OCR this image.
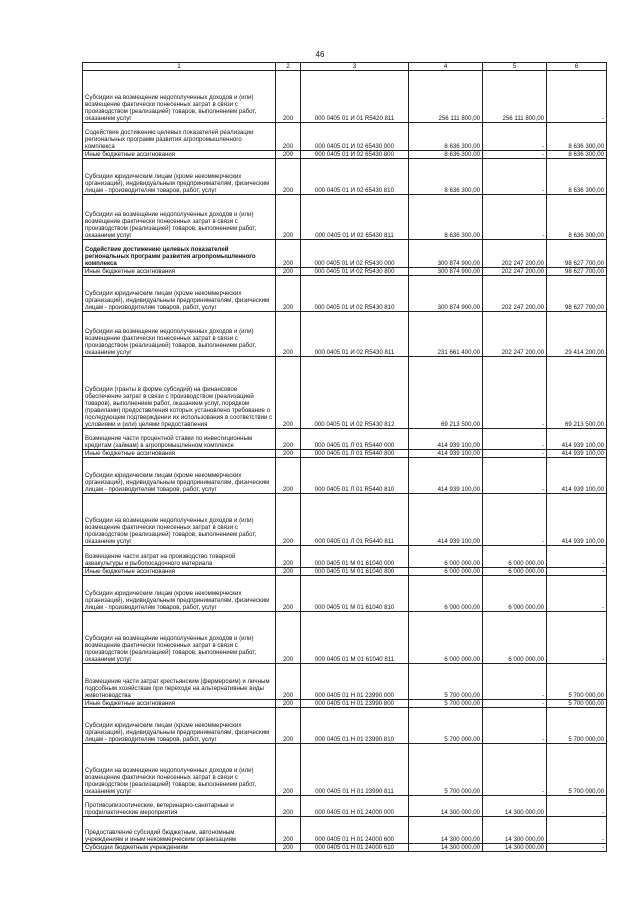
46
1	2	3	4	5	6
Субсидии на возмещение недополученных доходов и (или) возмещение фактически понесенных затрат в связи с производством (реализацией) товаров, выполнением работ, оказанием услуг	200	000 0405 01 И 01 R5420 811	256 111 800,00	256 111 800,00	-
Содействие достижению целевых показателей реализации региональных программ развития агропромышленного комплекса	200	000 0405 01 И 02 65430 000	8 636 300,00	-	8 636 300,00
Иные бюджетные ассигнования	200	000 0405 01 И 02 65430 800	8 636 300,00	-	8 636 300,00
Субсидии юридическим лицам (кроме некоммерческих организаций), индивидуальным предпринимателям, физическим лицам - производителям товаров, работ, услуг	200	000 0405 01 И 02 65430 810	8 636 300,00	-	8 636 300,00
Субсидии на возмещение недополученных доходов и (или) возмещение фактически понесенных затрат в связи с производством (реализацией) товаров, выполнением работ, оказанием услуг	200	000 0405 01 И 02 65430 811	8 636 300,00	-	8 636 300,00
Содействие достижению целевых показателей региональных программ развития агропромышленного комплекса	200	000 0405 01 И 02 R5430 000	300 874 900,00	202 247 200,00	98 627 700,00
Иные бюджетные ассигнования	200	000 0405 01 И 02 R5430 800	300 874 900,00	202 247 200,00	98 627 700,00
Субсидии юридическим лицам (кроме некоммерческих организаций), индивидуальным предпринимателям, физическим лицам - производителям товаров, работ, услуг	200	000 0405 01 И 02 R5430 810	300 874 900,00	202 247 200,00	98 627 700,00
Субсидии на возмещение недополученных доходов и (или) возмещение фактически понесенных затрат в связи с производством (реализацией) товаров, выполнением работ, оказанием услуг	200	000 0405 01 И 02 R5430 811	231 661 400,00	202 247 200,00	29 414 200,00
Субсидии (гранты в форме субсидий) на финансовое обеспечение затрат в связи с производством (реализацией товаров), выполнением работ, оказанием услуг, порядком (правилами) предоставления которых установлено требование о последующем подтверждении их использования в соответствии с условиями и (или) целями предоставления	200	000 0405 01 И 02 R5430 812	69 213 500,00	-	69 213 500,00
Возмещение части процентной ставки по инвестиционным кредитам (займам) в агропромышленном комплексе	200	000 0405 01 Л 01 R5440 000	414 939 100,00	-	414 939 100,00
Иные бюджетные ассигнования	200	000 0405 01 Л 01 R5440 800	414 939 100,00	-	414 939 100,00
Субсидии юридическим лицам (кроме некоммерческих организаций), индивидуальным предпринимателям, физическим лицам - производителям товаров, работ, услуг	200	000 0405 01 Л 01 R5440 810	414 939 100,00	-	414 939 100,00
Субсидии на возмещение недополученных доходов и (или) возмещение фактически понесенных затрат в связи с производством (реализацией) товаров, выполнением работ, оказанием услуг	200	000 0405 01 Л 01 R5440 811	414 939 100,00	-	414 939 100,00
Возмещение части затрат на производство товарной аквакультуры и рыбопосадочного материала	200	000 0405 01 М 01 61040 000	6 000 000,00	6 000 000,00	-
Иные бюджетные ассигнования	200	000 0405 01 М 01 61040 800	6 000 000,00	6 000 000,00	-
Субсидии юридическим лицам (кроме некоммерческих организаций), индивидуальным предпринимателям, физическим лицам - производителям товаров, работ, услуг	200	000 0405 01 М 01 61040 810	6 000 000,00	6 000 000,00	-
Субсидии на возмещение недополученных доходов и (или) возмещение фактически понесенных затрат в связи с производством (реализацией) товаров, выполнением работ, оказанием услуг	200	000 0405 01 М 01 61040 811	6 000 000,00	6 000 000,00	-
Возмещение части затрат крестьянским (фермерским) и личным подсобным хозяйствам при переходе на альтернативные виды животноводства	200	000 0405 01 Н 01 23990 000	5 700 000,00	-	5 700 000,00
Иные бюджетные ассигнования	200	000 0405 01 Н 01 23990 800	5 700 000,00	-	5 700 000,00
Субсидии юридическим лицам (кроме некоммерческих организаций), индивидуальным предпринимателям, физическим лицам - производителям товаров, работ, услуг	200	000 0405 01 Н 01 23990 810	5 700 000,00	-	5 700 000,00
Субсидии на возмещение недополученных доходов и (или) возмещение фактически понесенных затрат в связи с производством (реализацией) товаров, выполнением работ, оказанием услуг	200	000 0405 01 Н 01 23990 811	5 700 000,00	-	5 700 000,00
Противоэпизоотические, ветеринарно-санитарные и профилактические мероприятия	200	000 0405 01 Н 01 24000 000	14 300 000,00	14 300 000,00	-
Предоставление субсидий бюджетным, автономным учреждениям и иным некоммерческим организациям	200	000 0405 01 Н 01 24000 600	14 300 000,00	14 300 000,00	-
Субсидии бюджетным учреждениям	200	000 0405 01 Н 01 24000 610	14 300 000,00	14 300 000,00	-
